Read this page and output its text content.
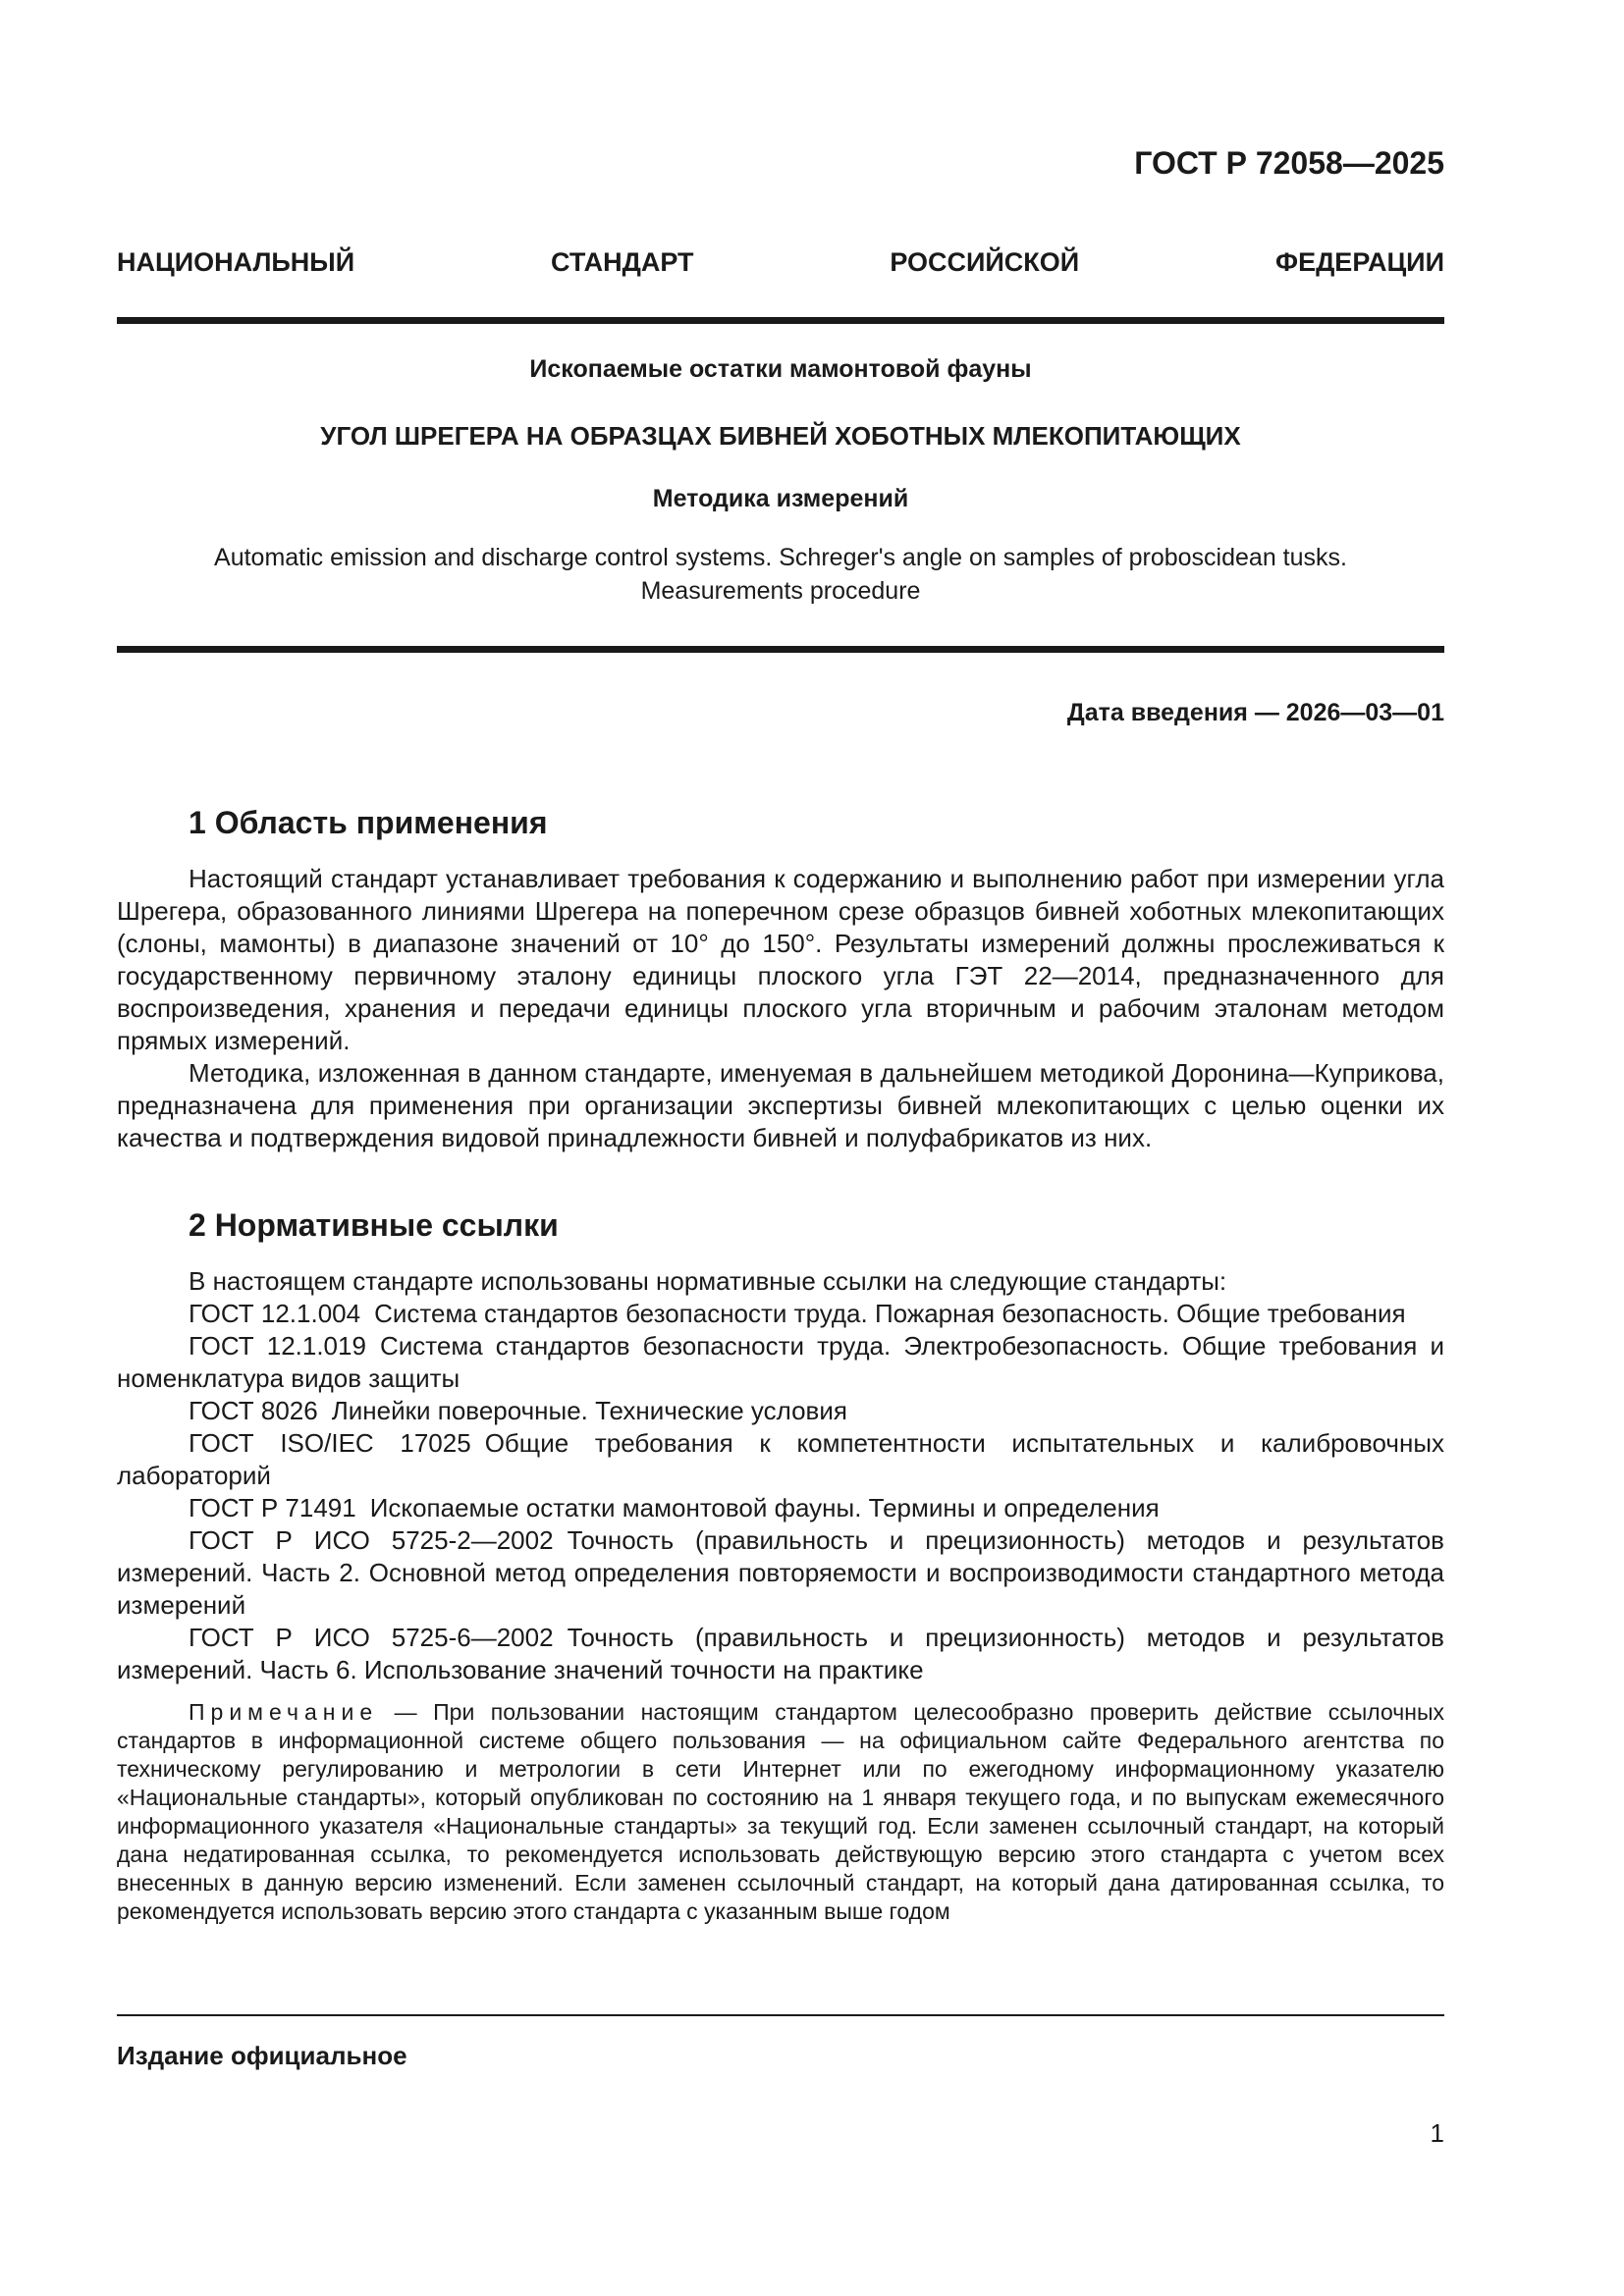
ГОСТ Р 72058—2025
НАЦИОНАЛЬНЫЙ СТАНДАРТ РОССИЙСКОЙ ФЕДЕРАЦИИ

Ископаемые остатки мамонтовой фауны

УГОЛ ШРЕГЕРА НА ОБРАЗЦАХ БИВНЕЙ ХОБОТНЫХ МЛЕКОПИТАЮЩИХ

Методика измерений

Automatic emission and discharge control systems. Schreger's angle on samples of proboscidean tusks.

Measurements procedure

Дата введения — 2026—03—01
1 Область применения

Настоящий стандарт устанавливает требования к содержанию и выполнению работ при измерении угла Шрегера, образованного линиями Шрегера на поперечном срезе образцов бивней хоботных млекопитающих (слоны, мамонты) в диапазоне значений от 10° до 150°. Результаты измерений должны прослеживаться к государственному первичному эталону единицы плоского угла ГЭТ 22—2014, предназначенного для воспроизведения, хранения и передачи единицы плоского угла вторичным и рабочим эталонам методом прямых измерений.

Методика, изложенная в данном стандарте, именуемая в дальнейшем методикой Доронина—Куприкова, предназначена для применения при организации экспертизы бивней млекопитающих с целью оценки их качества и подтверждения видовой принадлежности бивней и полуфабрикатов из них.

2 Нормативные ссылки

В настоящем стандарте использованы нормативные ссылки на следующие стандарты:

ГОСТ 12.1.004 Система стандартов безопасности труда. Пожарная безопасность. Общие требования

ГОСТ 12.1.019 Система стандартов безопасности труда. Электробезопасность. Общие требования и номенклатура видов защиты

ГОСТ 8026 Линейки поверочные. Технические условия

ГОСТ ISO/IEC 17025 Общие требования к компетентности испытательных и калибровочных лабораторий

ГОСТ Р 71491 Ископаемые остатки мамонтовой фауны. Термины и определения

ГОСТ Р ИСО 5725-2—2002 Точность (правильность и прецизионность) методов и результатов измерений. Часть 2. Основной метод определения повторяемости и воспроизводимости стандартного метода измерений

ГОСТ Р ИСО 5725-6—2002 Точность (правильность и прецизионность) методов и результатов измерений. Часть 6. Использование значений точности на практике

Примечание — При пользовании настоящим стандартом целесообразно проверить действие ссылочных стандартов в информационной системе общего пользования — на официальном сайте Федерального агентства по техническому регулированию и метрологии в сети Интернет или по ежегодному информационному указателю «Национальные стандарты», который опубликован по состоянию на 1 января текущего года, и по выпускам ежемесячного информационного указателя «Национальные стандарты» за текущий год. Если заменен ссылочный стандарт, на который дана недатированная ссылка, то рекомендуется использовать действующую версию этого стандарта с учетом всех внесенных в данную версию изменений. Если заменен ссылочный стандарт, на который дана датированная ссылка, то рекомендуется использовать версию этого стандарта с указанным выше годом

Издание официальное
1
